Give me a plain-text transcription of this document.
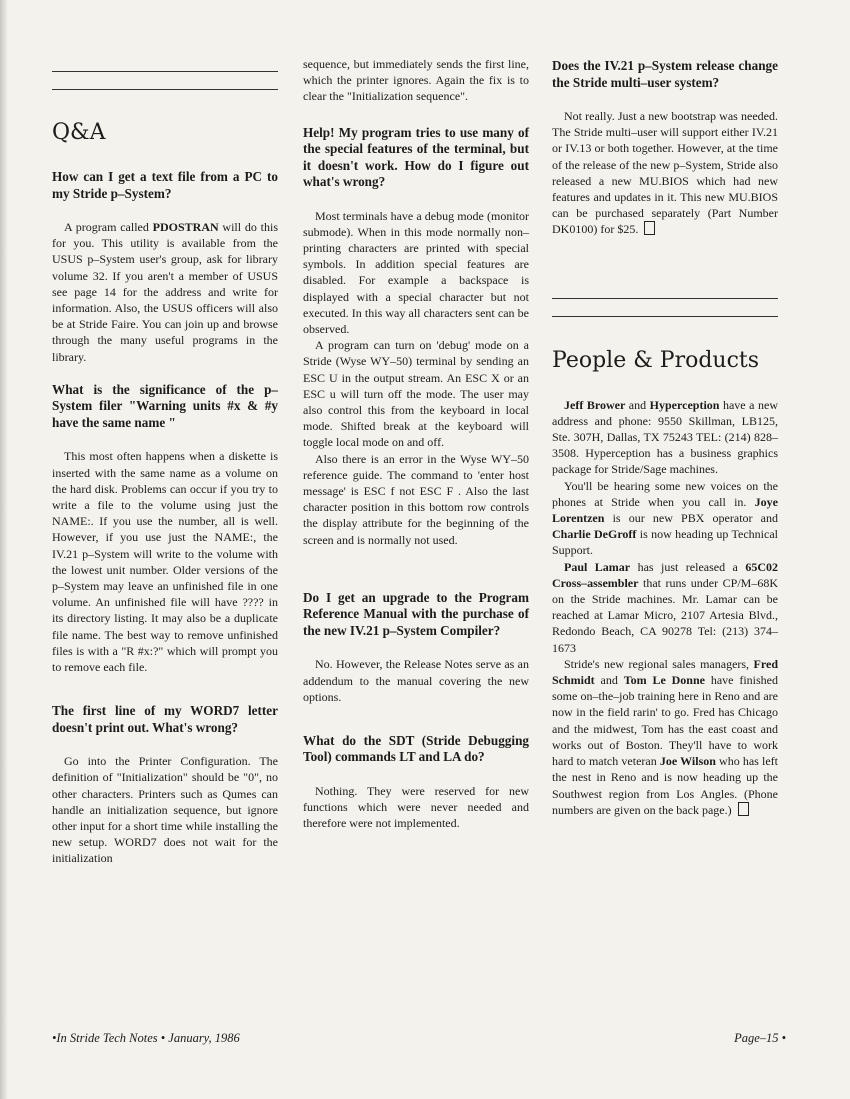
Q&A

How can I get a text file from a PC to my Stride p–System?

A program called PDOSTRAN will do this for you. This utility is available from the USUS p–System user's group, ask for library volume 32. If you aren't a member of USUS see page 14 for the address and write for information. Also, the USUS officers will also be at Stride Faire. You can join up and browse through the many useful programs in the library.

What is the significance of the p–System filer "Warning units #x & #y have the same name "

This most often happens when a diskette is inserted with the same name as a volume on the hard disk. Problems can occur if you try to write a file to the volume using just the NAME:. If you use the number, all is well. However, if you use just the NAME:, the IV.21 p–System will write to the volume with the lowest unit number. Older versions of the p–System may leave an unfinished file in one volume. An unfinished file will have ???? in its directory listing. It may also be a duplicate file name. The best way to remove unfinished files is with a "R #x:?" which will prompt you to remove each file.

The first line of my WORD7 letter doesn't print out. What's wrong?

Go into the Printer Configuration. The definition of "Initialization" should be "0", no other characters. Printers such as Qumes can handle an initialization sequence, but ignore other input for a short time while installing the new setup. WORD7 does not wait for the initialization

sequence, but immediately sends the first line, which the printer ignores. Again the fix is to clear the "Initialization sequence".

Help! My program tries to use many of the special features of the terminal, but it doesn't work. How do I figure out what's wrong?

Most terminals have a debug mode (monitor submode). When in this mode normally non–printing characters are printed with special symbols. In addition special features are disabled. For example a backspace is displayed with a special character but not executed. In this way all characters sent can be observed.

A program can turn on 'debug' mode on a Stride (Wyse WY–50) terminal by sending an ESC U in the output stream. An ESC X or an ESC u will turn off the mode. The user may also control this from the keyboard in local mode. Shifted break at the keyboard will toggle local mode on and off.

Also there is an error in the Wyse WY–50 reference guide. The command to 'enter host message' is ESC f not ESC F . Also the last character position in this bottom row controls the display attribute for the beginning of the screen and is normally not used.

Do I get an upgrade to the Program Reference Manual with the purchase of the new IV.21 p–System Compiler?

No. However, the Release Notes serve as an addendum to the manual covering the new options.

What do the SDT (Stride Debugging Tool) commands LT and LA do?

Nothing. They were reserved for new functions which were never needed and therefore were not implemented.

Does the IV.21 p–System release change the Stride multi–user system?

Not really. Just a new bootstrap was needed. The Stride multi–user will support either IV.21 or IV.13 or both together. However, at the time of the release of the new p–System, Stride also released a new MU.BIOS which had new features and updates in it. This new MU.BIOS can be purchased separately (Part Number DK0100) for $25.

People & Products

Jeff Brower and Hyperception have a new address and phone: 9550 Skillman, LB125, Ste. 307H, Dallas, TX 75243 TEL: (214) 828–3508. Hyperception has a business graphics package for Stride/Sage machines.

You'll be hearing some new voices on the phones at Stride when you call in. Joye Lorentzen is our new PBX operator and Charlie DeGroff is now heading up Technical Support.

Paul Lamar has just released a 65C02 Cross–assembler that runs under CP/M–68K on the Stride machines. Mr. Lamar can be reached at Lamar Micro, 2107 Artesia Blvd., Redondo Beach, CA 90278 Tel: (213) 374–1673

Stride's new regional sales managers, Fred Schmidt and Tom Le Donne have finished some on–the–job training here in Reno and are now in the field rarin' to go. Fred has Chicago and the midwest, Tom has the east coast and works out of Boston. They'll have to work hard to match veteran Joe Wilson who has left the nest in Reno and is now heading up the Southwest region from Los Angles. (Phone numbers are given on the back page.)

•In Stride Tech Notes • January, 1986	Page–15 •
